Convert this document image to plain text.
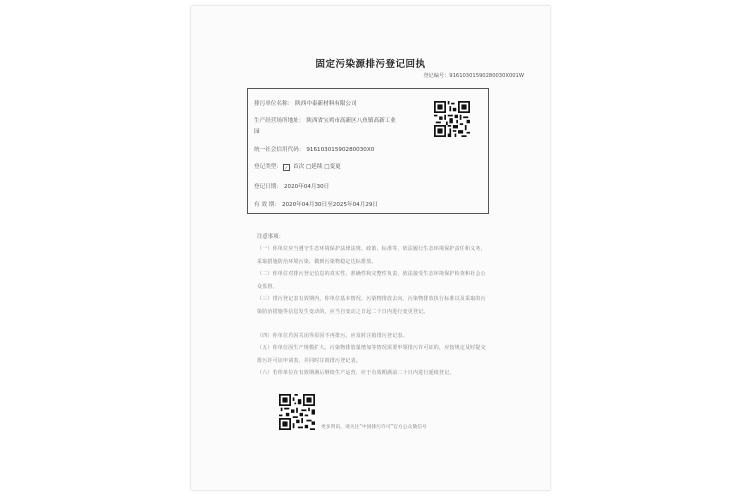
固定污染源排污登记回执
登记编号：91610301590280030X001W
排污单位名称： 陕西中泰新材料有限公司
生产经营场所地址： 陕西省宝鸡市高新区八鱼镇高新工业
园
统一社会信用代码： 91610301590280030X0
登记类型： ✓ 首次 □延续 □变更
登记日期： 2020年04月30日
有 效 期： 2020年04月30日至2025年04月29日
注意事项：
（一）你单位应当遵守生态环境保护法律法规、政策、标准等，依法履行生态环境保护责任和义务，采取措施防治环境污染，做到污染物稳定达标排放。
（二）你单位对排污登记信息的真实性、准确性和完整性负责，依法接受生态环境保护检查和社会公众监督。
（三）排污登记表有效期内，你单位基本情况、污染物排放去向、污染物排放执行标准以及采取的污染防治措施等信息发生变动的，应当自变动之日起二十日内进行变更登记。
（四）你单位若因关闭等原因不再排污，应及时注销排污登记表。
（五）你单位因生产规模扩大、污染物排放量增加等情况需要申领排污许可证的，应按规定及时提交排污许可证申请表，并同时注销排污登记表。
（六）若你单位在有效期满后继续生产运营，应于有效期满前二十日内进行延续登记。
更多资讯，请关注“中国排污许可”官方公众微信号
